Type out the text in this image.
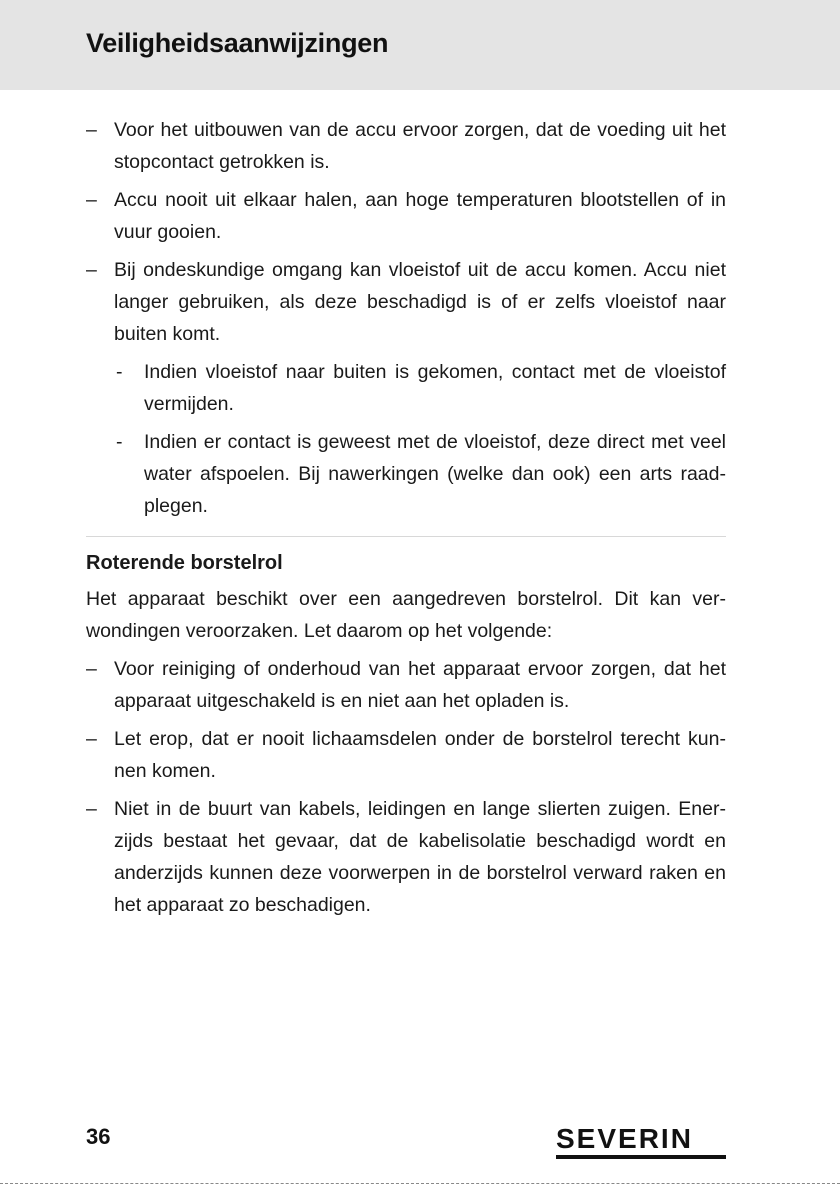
Veiligheidsaanwijzingen
– Voor het uitbouwen van de accu ervoor zorgen, dat de voeding uit het stopcontact getrokken is.
– Accu nooit uit elkaar halen, aan hoge temperaturen blootstellen of in vuur gooien.
– Bij ondeskundige omgang kan vloeistof uit de accu komen. Accu niet langer gebruiken, als deze beschadigd is of er zelfs vloeistof naar buiten komt.
- Indien vloeistof naar buiten is gekomen, contact met de vloeistof vermijden.
- Indien er contact is geweest met de vloeistof, deze direct met veel water afspoelen. Bij nawerkingen (welke dan ook) een arts raad-plegen.
Roterende borstelrol

Het apparaat beschikt over een aangedreven borstelrol. Dit kan ver-wondingen veroorzaken. Let daarom op het volgende:

– Voor reiniging of onderhoud van het apparaat ervoor zorgen, dat het apparaat uitgeschakeld is en niet aan het opladen is.
– Let erop, dat er nooit lichaamsdelen onder de borstelrol terecht kun-nen komen.
– Niet in de buurt van kabels, leidingen en lange slierten zuigen. Ener-zijds bestaat het gevaar, dat de kabelisolatie beschadigd wordt en anderzijds kunnen deze voorwerpen in de borstelrol verward raken en het apparaat zo beschadigen.
36	SEVERIN
